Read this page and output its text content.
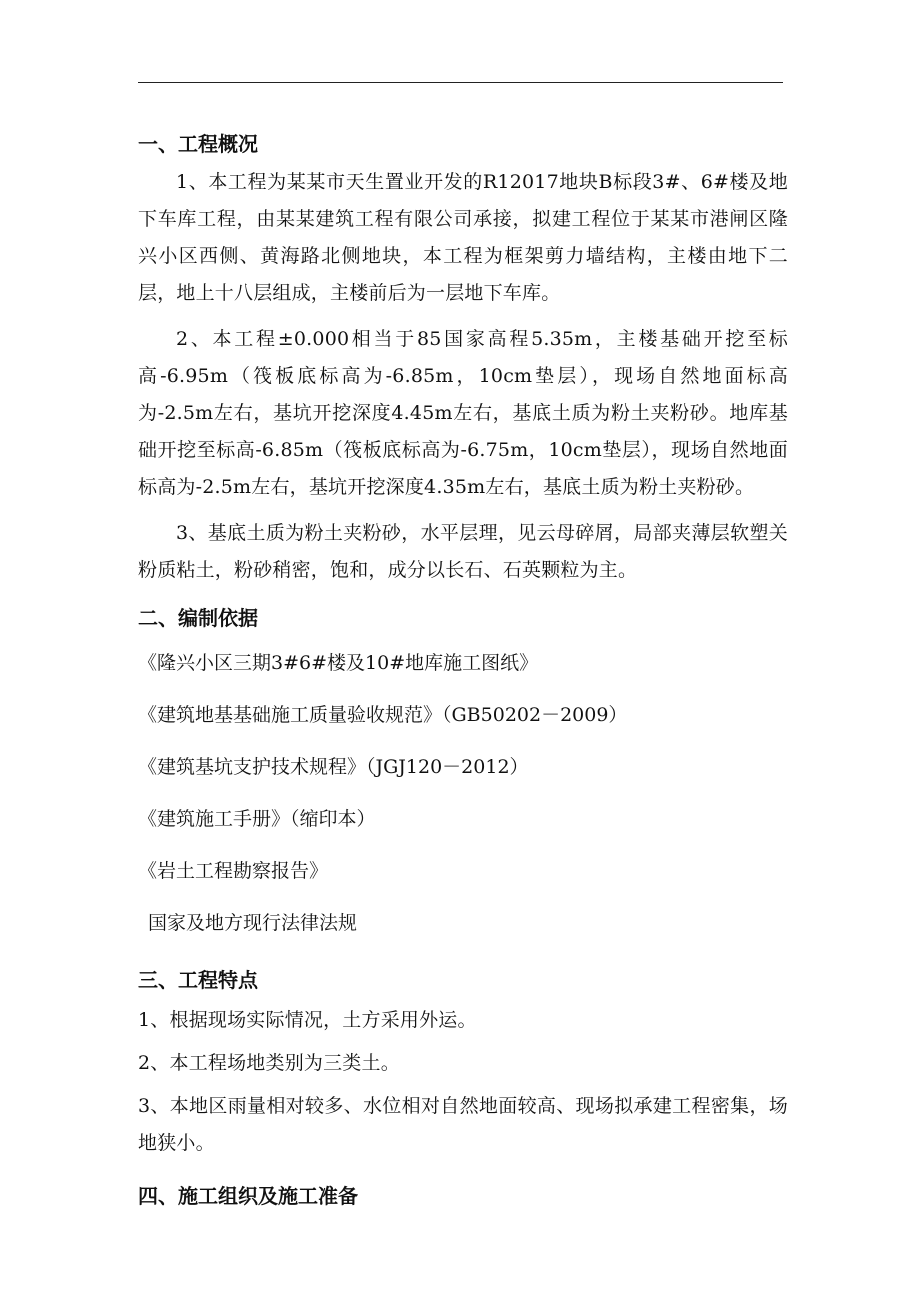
一、工程概况

1、本工程为某某市天生置业开发的R12017地块B标段3#、6#楼及地下车库工程，由某某建筑工程有限公司承接，拟建工程位于某某市港闸区隆兴小区西侧、黄海路北侧地块，本工程为框架剪力墙结构，主楼由地下二层，地上十八层组成，主楼前后为一层地下车库。

2、本工程±0.000相当于85国家高程5.35m，主楼基础开挖至标高-6.95m（筏板底标高为-6.85m，10cm垫层），现场自然地面标高为-2.5m左右，基坑开挖深度4.45m左右，基底土质为粉土夹粉砂。地库基础开挖至标高-6.85m（筏板底标高为-6.75m，10cm垫层），现场自然地面标高为-2.5m左右，基坑开挖深度4.35m左右，基底土质为粉土夹粉砂。

3、基底土质为粉土夹粉砂，水平层理，见云母碎屑，局部夹薄层软塑关粉质粘土，粉砂稍密，饱和，成分以长石、石英颗粒为主。

二、编制依据
《隆兴小区三期3#6#楼及10#地库施工图纸》
《建筑地基基础施工质量验收规范》（GB50202－2009）
《建筑基坑支护技术规程》（JGJ120－2012）
《建筑施工手册》（缩印本）
《岩土工程勘察报告》
国家及地方现行法律法规
三、工程特点

1、根据现场实际情况，土方采用外运。

2、本工程场地类别为三类土。

3、本地区雨量相对较多、水位相对自然地面较高、现场拟承建工程密集，场地狭小。

四、施工组织及施工准备
